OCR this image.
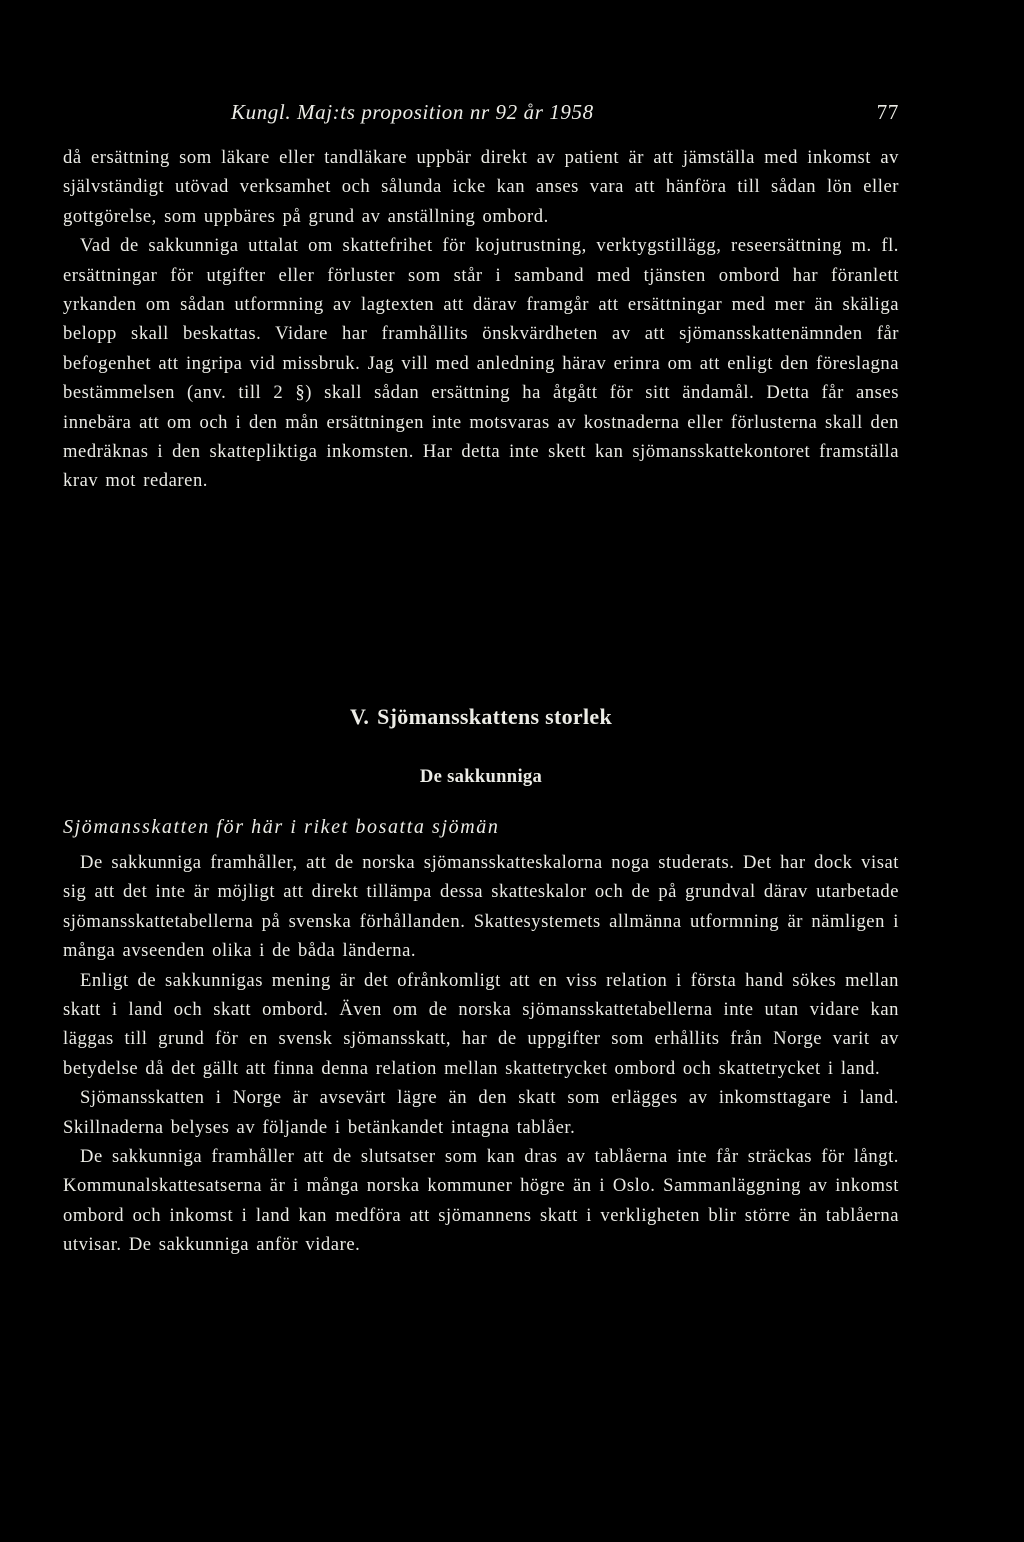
Kungl. Maj:ts proposition nr 92 år 1958	77

då ersättning som läkare eller tandläkare uppbär direkt av patient är att jämställa med inkomst av självständigt utövad verksamhet och sålunda icke kan anses vara att hänföra till sådan lön eller gottgörelse, som uppbäres på grund av anställning ombord.

Vad de sakkunniga uttalat om skattefrihet för kojutrustning, verktygstillägg, reseersättning m. fl. ersättningar för utgifter eller förluster som står i samband med tjänsten ombord har föranlett yrkanden om sådan utformning av lagtexten att därav framgår att ersättningar med mer än skäliga belopp skall beskattas. Vidare har framhållits önskvärdheten av att sjömansskattenämnden får befogenhet att ingripa vid missbruk. Jag vill med anledning härav erinra om att enligt den föreslagna bestämmelsen (anv. till 2 §) skall sådan ersättning ha åtgått för sitt ändamål. Detta får anses innebära att om och i den mån ersättningen inte motsvaras av kostnaderna eller förlusterna skall den medräknas i den skattepliktiga inkomsten. Har detta inte skett kan sjömansskattekontoret framställa krav mot redaren.

V. Sjömansskattens storlek
De sakkunniga
Sjömansskatten för här i riket bosatta sjömän

De sakkunniga framhåller, att de norska sjömansskatteskalorna noga studerats. Det har dock visat sig att det inte är möjligt att direkt tillämpa dessa skatteskalor och de på grundval därav utarbetade sjömansskattetabellerna på svenska förhållanden. Skattesystemets allmänna utformning är nämligen i många avseenden olika i de båda länderna.

Enligt de sakkunnigas mening är det ofrånkomligt att en viss relation i första hand sökes mellan skatt i land och skatt ombord. Även om de norska sjömansskattetabellerna inte utan vidare kan läggas till grund för en svensk sjömansskatt, har de uppgifter som erhållits från Norge varit av betydelse då det gällt att finna denna relation mellan skattetrycket ombord och skattetrycket i land.

Sjömansskatten i Norge är avsevärt lägre än den skatt som erlägges av inkomsttagare i land. Skillnaderna belyses av följande i betänkandet intagna tablåer.

De sakkunniga framhåller att de slutsatser som kan dras av tablåerna inte får sträckas för långt. Kommunalskattesatserna är i många norska kommuner högre än i Oslo. Sammanläggning av inkomst ombord och inkomst i land kan medföra att sjömannens skatt i verkligheten blir större än tablåerna utvisar. De sakkunniga anför vidare.
